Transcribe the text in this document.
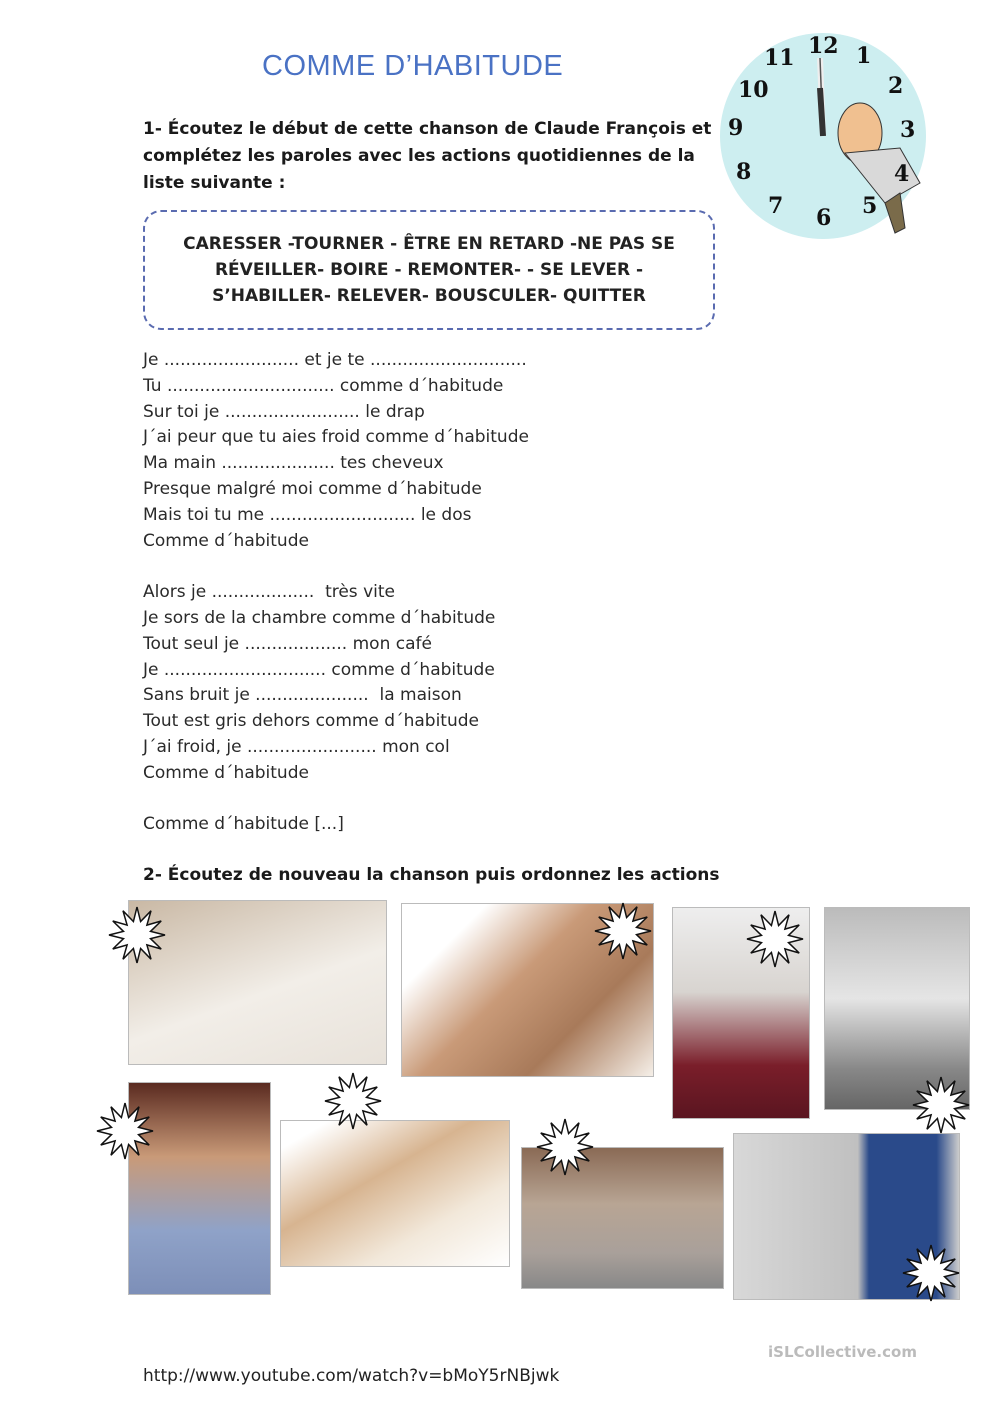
COMME D’HABITUDE
12 1
2
3
4
5
6
7
8
9
10
11
1- Écoutez le début de cette chanson de Claude François et
complétez les paroles avec les actions quotidiennes de la
liste suivante :
CARESSER -TOURNER - ÊTRE EN RETARD -NE PAS SE
RÉVEILLER- BOIRE - REMONTER- - SE LEVER -
S’HABILLER- RELEVER- BOUSCULER- QUITTER
Je ......................... et je te .............................
Tu ............................... comme d´habitude
Sur toi je ......................... le drap
J´ai peur que tu aies froid comme d´habitude
Ma main ..................... tes cheveux
Presque malgré moi comme d´habitude
Mais toi tu me ........................... le dos
Comme d´habitude
Alors je ...................  très vite
Je sors de la chambre comme d´habitude
Tout seul je ................... mon café
Je .............................. comme d´habitude
Sans bruit je .....................  la maison
Tout est gris dehors comme d´habitude
J´ai froid, je ........................ mon col
Comme d´habitude
Comme d´habitude [...]
2- Écoutez de nouveau la chanson puis ordonnez les actions
iSLCollective.com
http://www.youtube.com/watch?v=bMoY5rNBjwk
